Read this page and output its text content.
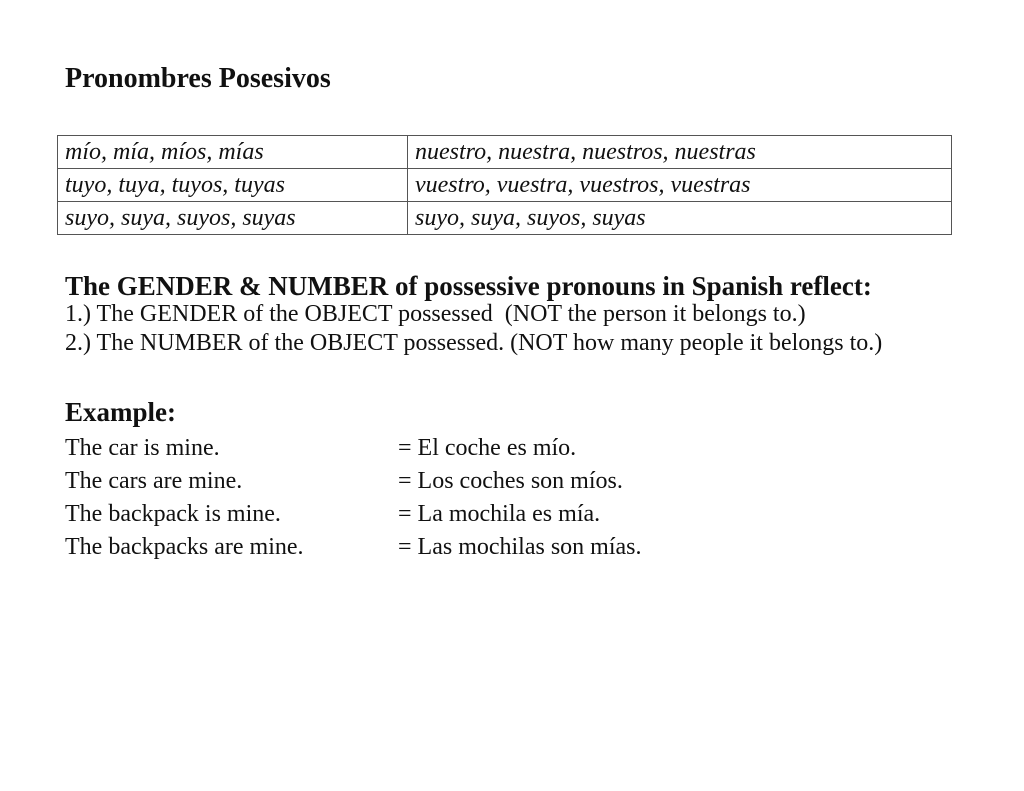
Pronombres Posesivos
mío, mía, míos, mías	nuestro, nuestra, nuestros, nuestras
tuyo, tuya, tuyos, tuyas	vuestro, vuestra, vuestros, vuestras
suyo, suya, suyos, suyas	suyo, suya, suyos, suyas
The GENDER & NUMBER of possessive pronouns in Spanish reflect:
1.) The GENDER of the OBJECT possessed  (NOT the person it belongs to.)
2.) The NUMBER of the OBJECT possessed. (NOT how many people it belongs to.)
Example:
The car is mine.	= El coche es mío.
The cars are mine.	= Los coches son míos.
The backpack is mine.	= La mochila es mía.
The backpacks are mine.	= Las mochilas son mías.
